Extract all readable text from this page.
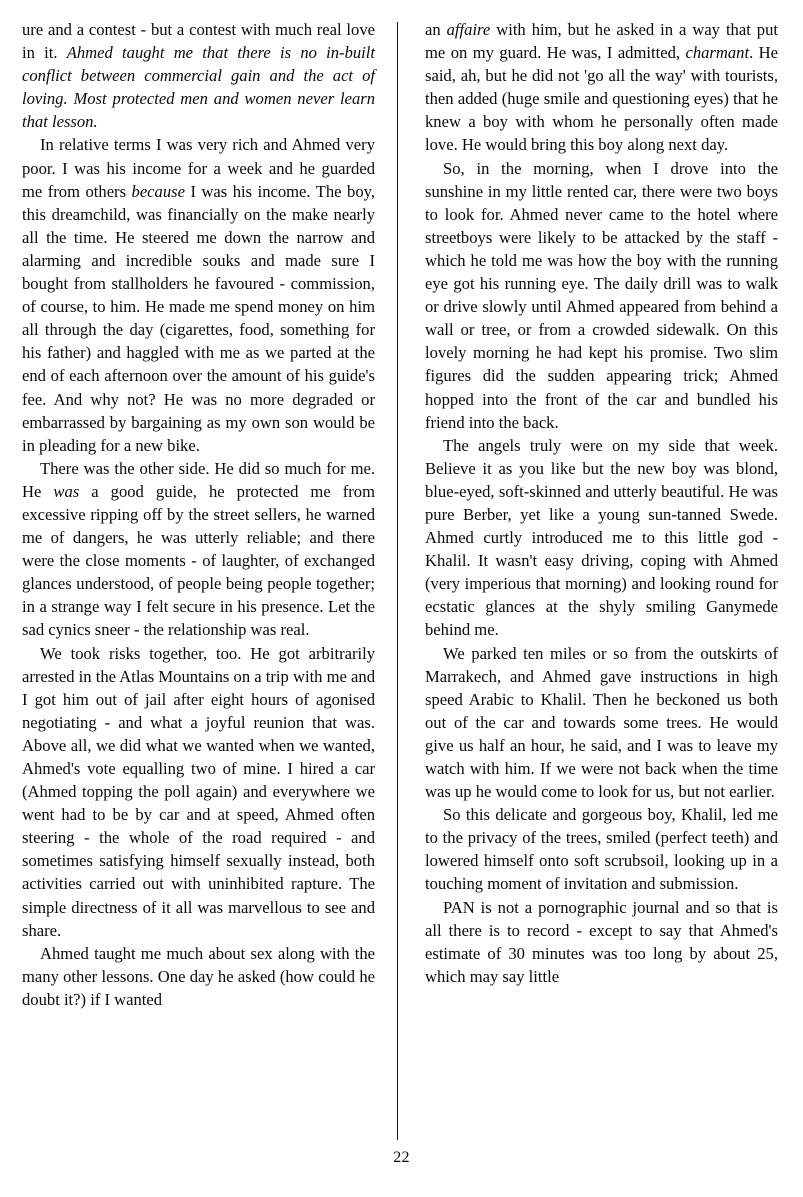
ure and a contest - but a contest with much real love in it. Ahmed taught me that there is no in-built conflict between commercial gain and the act of loving. Most protected men and women never learn that lesson.

In relative terms I was very rich and Ahmed very poor. I was his income for a week and he guarded me from others because I was his income. The boy, this dreamchild, was financially on the make nearly all the time. He steered me down the narrow and alarming and incredible souks and made sure I bought from stallholders he favoured - commission, of course, to him. He made me spend money on him all through the day (cigarettes, food, something for his father) and haggled with me as we parted at the end of each afternoon over the amount of his guide's fee. And why not? He was no more degraded or embarrassed by bargaining as my own son would be in pleading for a new bike.

There was the other side. He did so much for me. He was a good guide, he protected me from excessive ripping off by the street sellers, he warned me of dangers, he was utterly reliable; and there were the close moments - of laughter, of exchanged glances understood, of people being people together; in a strange way I felt secure in his presence. Let the sad cynics sneer - the relationship was real.

We took risks together, too. He got arbitrarily arrested in the Atlas Mountains on a trip with me and I got him out of jail after eight hours of agonised negotiating - and what a joyful reunion that was. Above all, we did what we wanted when we wanted, Ahmed's vote equalling two of mine. I hired a car (Ahmed topping the poll again) and everywhere we went had to be by car and at speed, Ahmed often steering - the whole of the road required - and sometimes satisfying himself sexually instead, both activities carried out with uninhibited rapture. The simple directness of it all was marvellous to see and share.

Ahmed taught me much about sex along with the many other lessons. One day he asked (how could he doubt it?) if I wanted

an affaire with him, but he asked in a way that put me on my guard. He was, I admitted, charmant. He said, ah, but he did not 'go all the way' with tourists, then added (huge smile and questioning eyes) that he knew a boy with whom he personally often made love. He would bring this boy along next day.

So, in the morning, when I drove into the sunshine in my little rented car, there were two boys to look for. Ahmed never came to the hotel where streetboys were likely to be attacked by the staff - which he told me was how the boy with the running eye got his running eye. The daily drill was to walk or drive slowly until Ahmed appeared from behind a wall or tree, or from a crowded sidewalk. On this lovely morning he had kept his promise. Two slim figures did the sudden appearing trick; Ahmed hopped into the front of the car and bundled his friend into the back.

The angels truly were on my side that week. Believe it as you like but the new boy was blond, blue-eyed, soft-skinned and utterly beautiful. He was pure Berber, yet like a young sun-tanned Swede. Ahmed curtly introduced me to this little god - Khalil. It wasn't easy driving, coping with Ahmed (very imperious that morning) and looking round for ecstatic glances at the shyly smiling Ganymede behind me.

We parked ten miles or so from the outskirts of Marrakech, and Ahmed gave instructions in high speed Arabic to Khalil. Then he beckoned us both out of the car and towards some trees. He would give us half an hour, he said, and I was to leave my watch with him. If we were not back when the time was up he would come to look for us, but not earlier.

So this delicate and gorgeous boy, Khalil, led me to the privacy of the trees, smiled (perfect teeth) and lowered himself onto soft scrubsoil, looking up in a touching moment of invitation and submission.

PAN is not a pornographic journal and so that is all there is to record - except to say that Ahmed's estimate of 30 minutes was too long by about 25, which may say little

22
